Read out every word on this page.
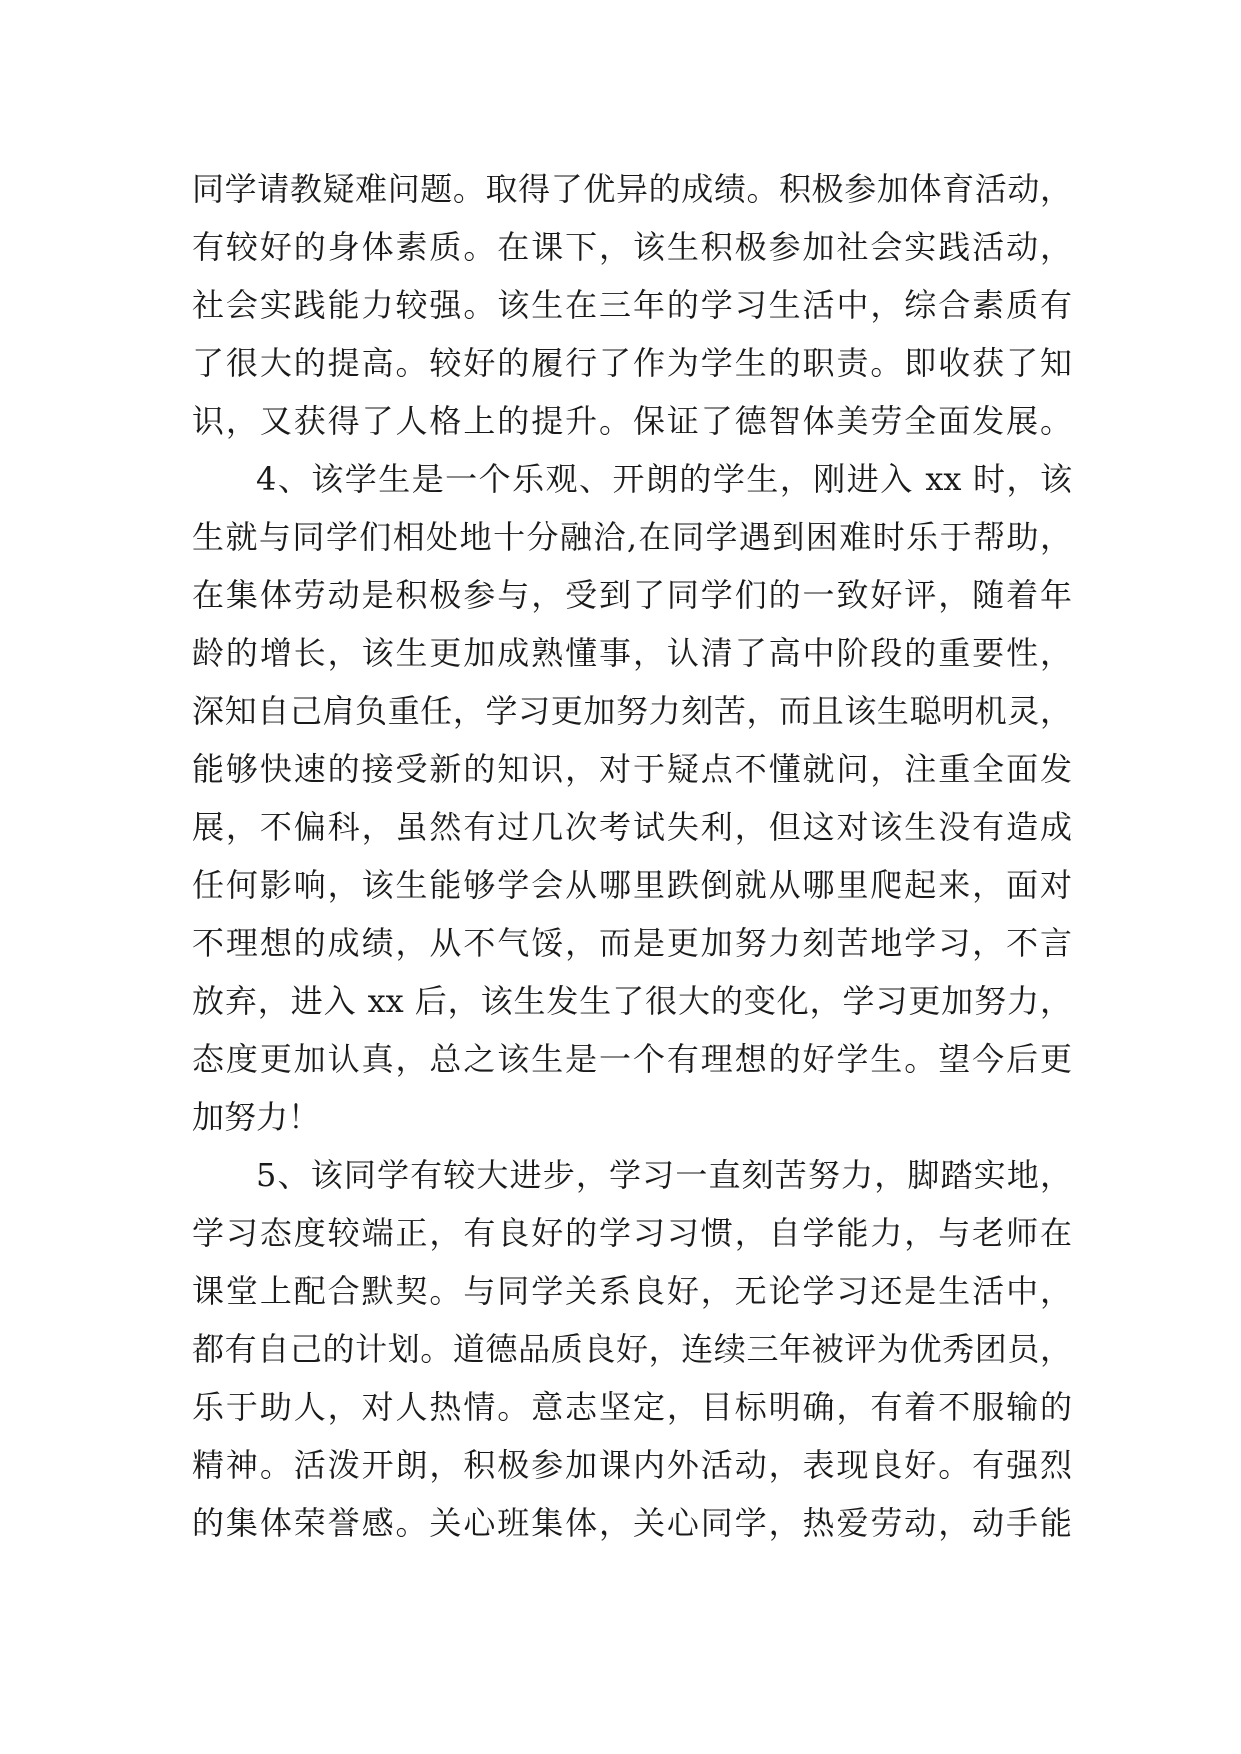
同学请教疑难问题。取得了优异的成绩。积极参加体育活动，
有较好的身体素质。在课下，该生积极参加社会实践活动，
社会实践能力较强。该生在三年的学习生活中，综合素质有
了很大的提高。较好的履行了作为学生的职责。即收获了知
识，又获得了人格上的提升。保证了德智体美劳全面发展。
4、该学生是一个乐观、开朗的学生，刚进入 xx 时，该
生就与同学们相处地十分融洽,在同学遇到困难时乐于帮助，
在集体劳动是积极参与，受到了同学们的一致好评，随着年
龄的增长，该生更加成熟懂事，认清了高中阶段的重要性，
深知自己肩负重任，学习更加努力刻苦，而且该生聪明机灵，
能够快速的接受新的知识，对于疑点不懂就问，注重全面发
展，不偏科，虽然有过几次考试失利，但这对该生没有造成
任何影响，该生能够学会从哪里跌倒就从哪里爬起来，面对
不理想的成绩，从不气馁，而是更加努力刻苦地学习，不言
放弃，进入 xx 后，该生发生了很大的变化，学习更加努力，
态度更加认真，总之该生是一个有理想的好学生。望今后更
加努力！
5、该同学有较大进步，学习一直刻苦努力，脚踏实地，
学习态度较端正，有良好的学习习惯，自学能力，与老师在
课堂上配合默契。与同学关系良好，无论学习还是生活中，
都有自己的计划。道德品质良好，连续三年被评为优秀团员，
乐于助人，对人热情。意志坚定，目标明确，有着不服输的
精神。活泼开朗，积极参加课内外活动，表现良好。有强烈
的集体荣誉感。关心班集体，关心同学，热爱劳动，动手能
